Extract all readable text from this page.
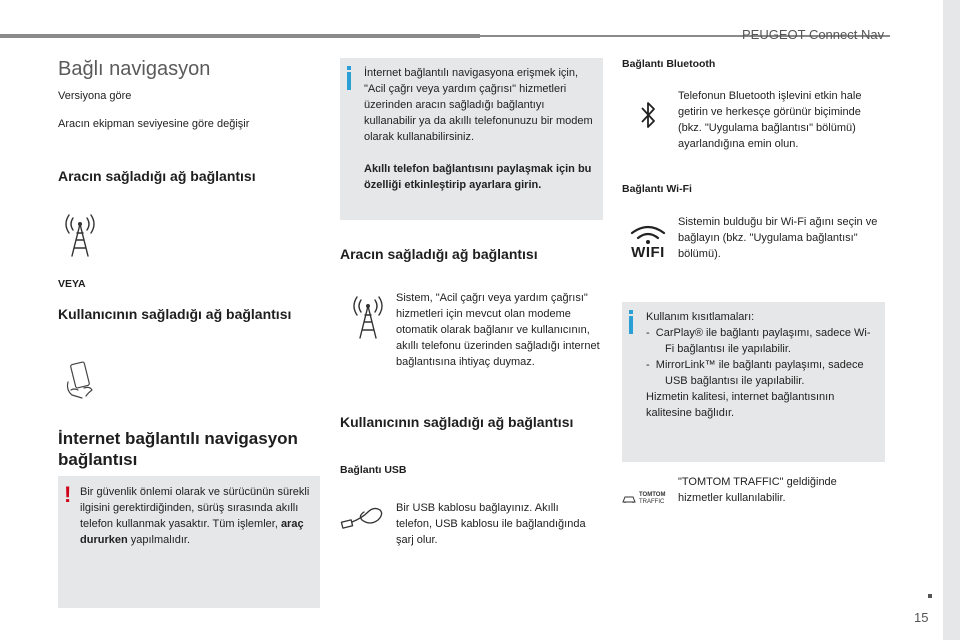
PEUGEOT Connect Nav
Bağlı navigasyon
Versiyona göre
Aracın ekipman seviyesine göre değişir
Aracın sağladığı ağ bağlantısı
VEYA
Kullanıcının sağladığı ağ bağlantısı
İnternet bağlantılı navigasyon bağlantısı
! Bir güvenlik önlemi olarak ve sürücünün sürekli ilgisini gerektirdiğinden, sürüş sırasında akıllı telefon kullanmak yasaktır. Tüm işlemler, araç dururken yapılmalıdır.
İnternet bağlantılı navigasyona erişmek için, "Acil çağrı veya yardım çağrısı" hizmetleri üzerinden aracın sağladığı bağlantıyı kullanabilir ya da akıllı telefonunuzu bir modem olarak kullanabilirsiniz.
Akıllı telefon bağlantısını paylaşmak için bu özelliği etkinleştirip ayarlara girin.
Aracın sağladığı ağ bağlantısı
Sistem, "Acil çağrı veya yardım çağrısı" hizmetleri için mevcut olan modeme otomatik olarak bağlanır ve kullanıcının, akıllı telefonu üzerinden sağladığı internet bağlantısına ihtiyaç duymaz.
Kullanıcının sağladığı ağ bağlantısı
Bağlantı USB
Bir USB kablosu bağlayınız. Akıllı telefon, USB kablosu ile bağlandığında şarj olur.
Bağlantı Bluetooth
Telefonun Bluetooth işlevini etkin hale getirin ve herkesçe görünür biçiminde (bkz. "Uygulama bağlantısı" bölümü) ayarlandığına emin olun.
Bağlantı Wi-Fi
WIFI
Sistemin bulduğu bir Wi-Fi ağını seçin ve bağlayın (bkz. "Uygulama bağlantısı" bölümü).
Kullanım kısıtlamaları:
-  CarPlay® ile bağlantı paylaşımı, sadece Wi-Fi bağlantısı ile yapılabilir.
-  MirrorLink™ ile bağlantı paylaşımı, sadece USB bağlantısı ile yapılabilir.
Hizmetin kalitesi, internet bağlantısının kalitesine bağlıdır.
TOMTOM
TRAFFIC
"TOMTOM TRAFFIC" geldiğinde hizmetler kullanılabilir.
15
